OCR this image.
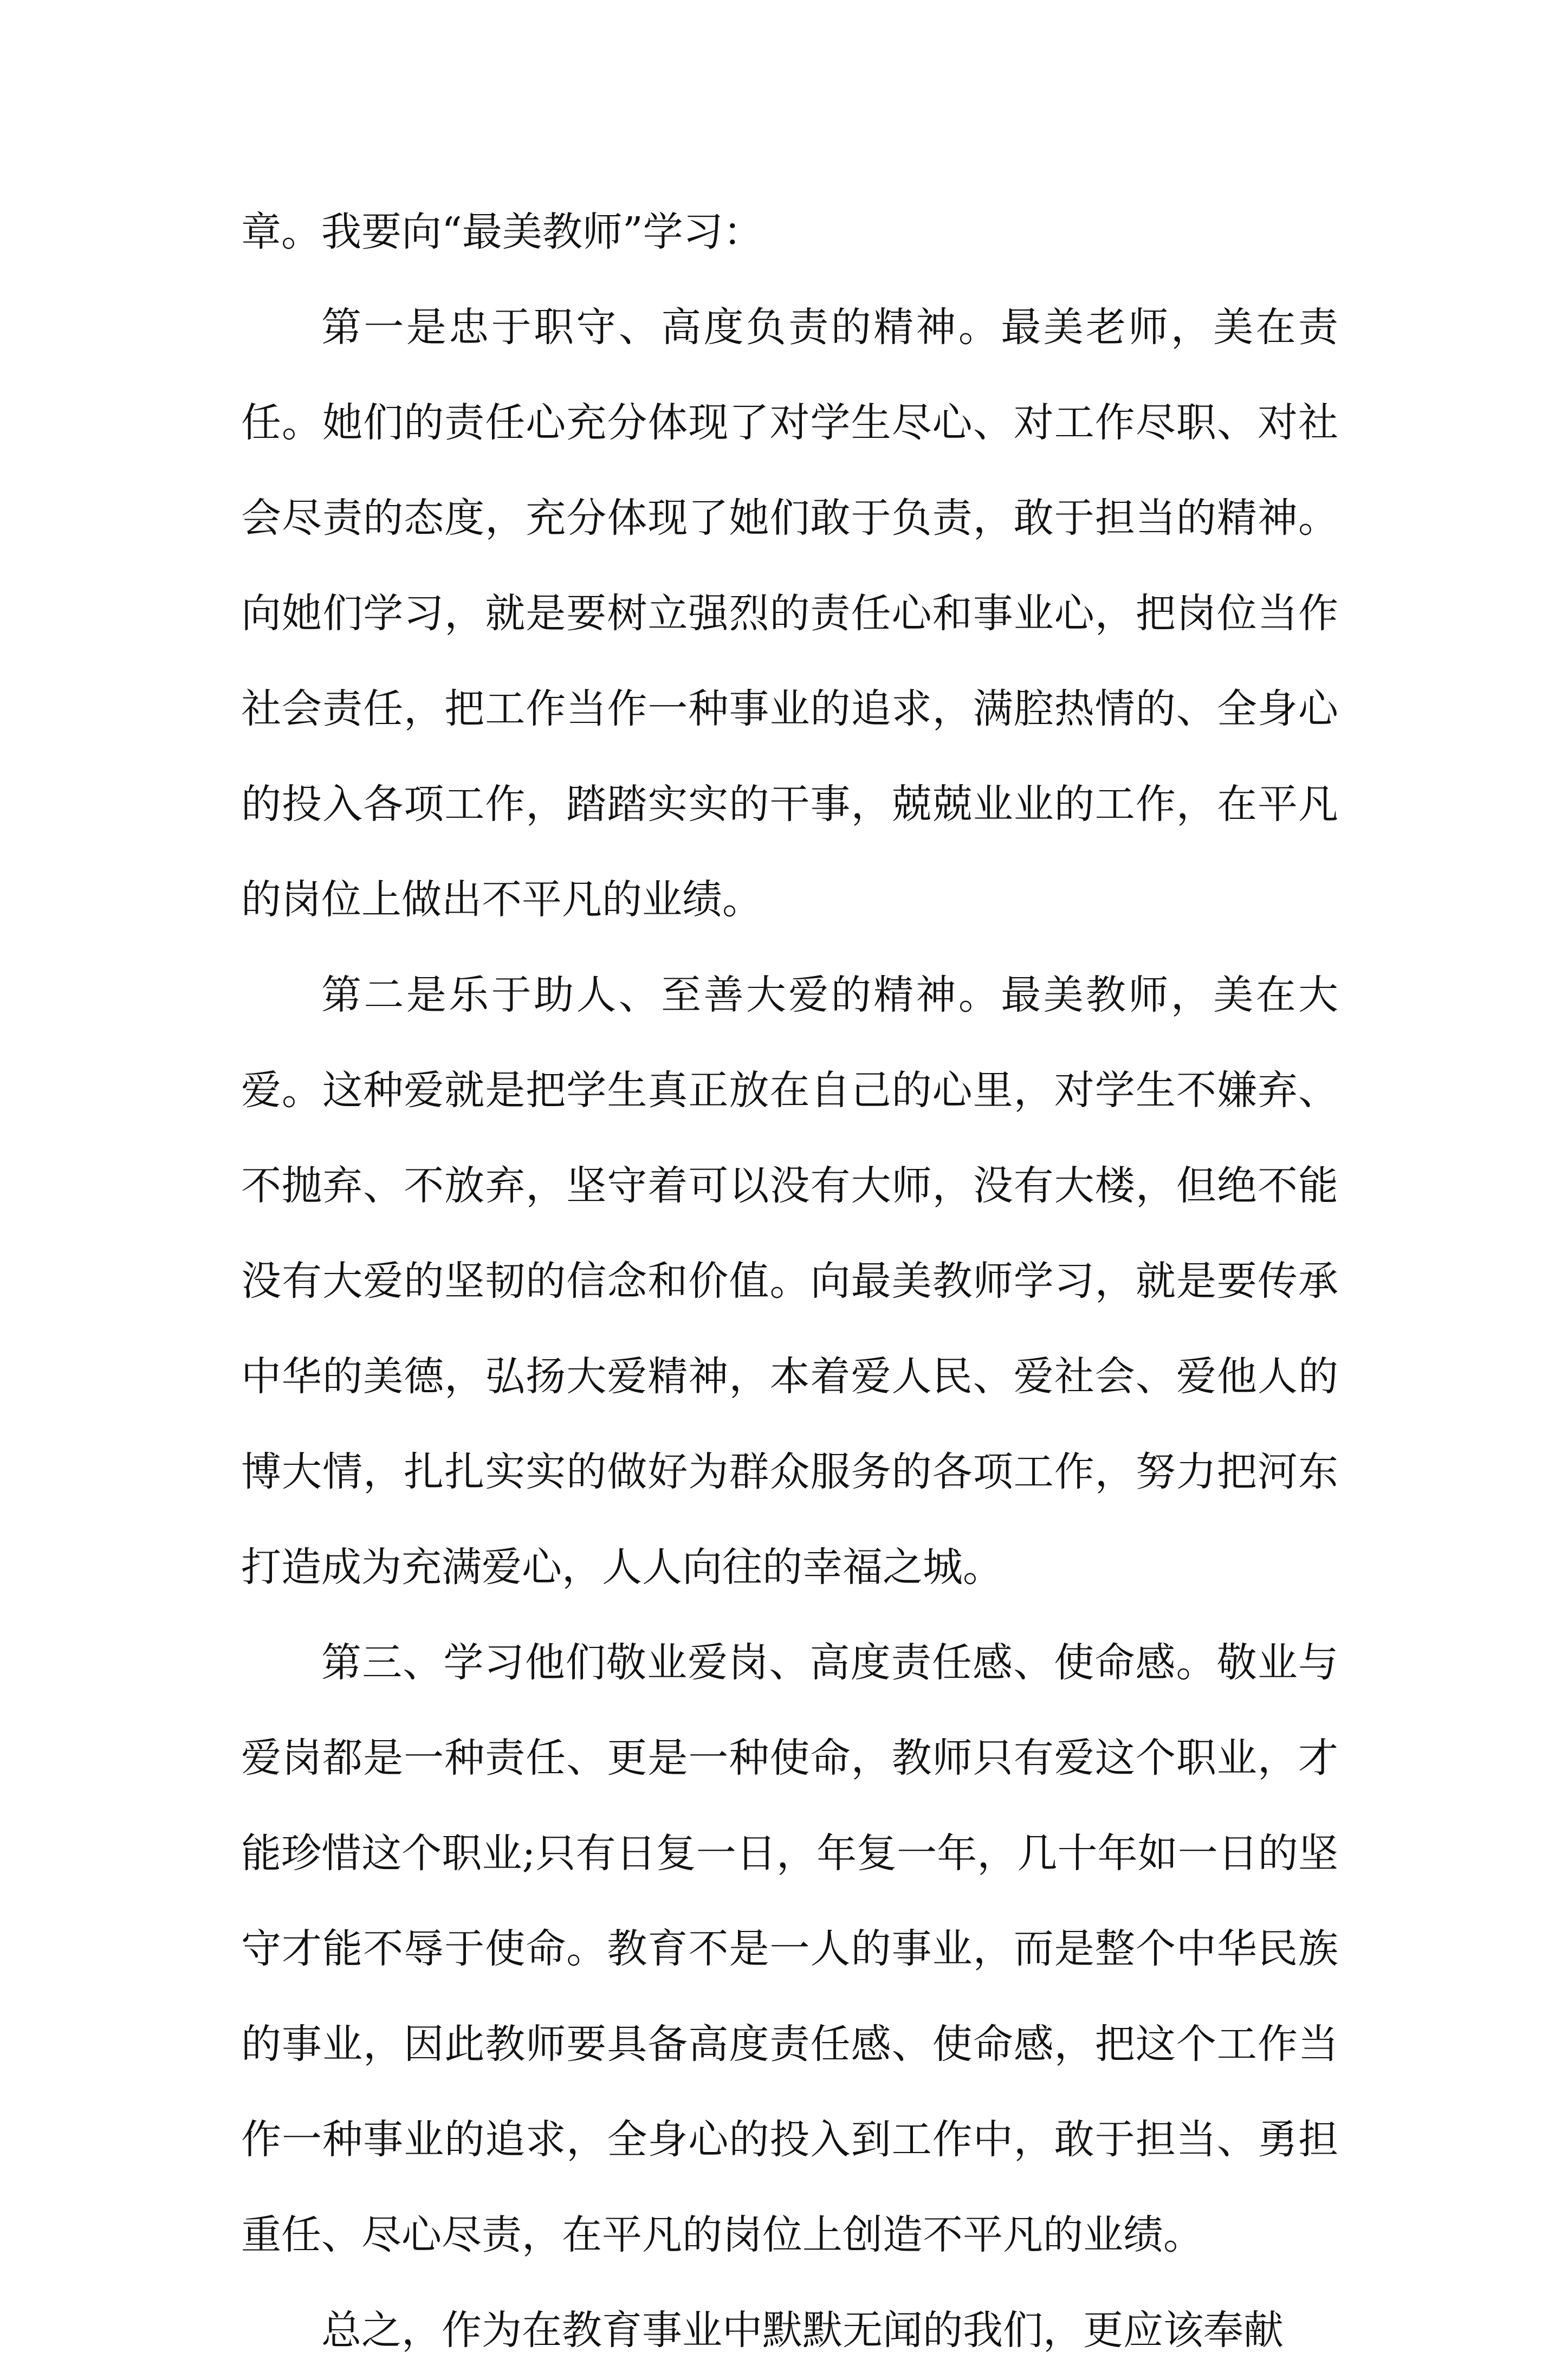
章。我要向“最美教师”学习：

第一是忠于职守、高度负责的精神。最美老师，美在责任。她们的责任心充分体现了对学生尽心、对工作尽职、对社会尽责的态度，充分体现了她们敢于负责，敢于担当的精神。向她们学习，就是要树立强烈的责任心和事业心，把岗位当作社会责任，把工作当作一种事业的追求，满腔热情的、全身心的投入各项工作，踏踏实实的干事，兢兢业业的工作，在平凡的岗位上做出不平凡的业绩。

第二是乐于助人、至善大爱的精神。最美教师，美在大爱。这种爱就是把学生真正放在自己的心里，对学生不嫌弃、不抛弃、不放弃，坚守着可以没有大师，没有大楼，但绝不能没有大爱的坚韧的信念和价值。向最美教师学习，就是要传承中华的美德，弘扬大爱精神，本着爱人民、爱社会、爱他人的博大情，扎扎实实的做好为群众服务的各项工作，努力把河东打造成为充满爱心，人人向往的幸福之城。

第三、学习他们敬业爱岗、高度责任感、使命感。敬业与爱岗都是一种责任、更是一种使命，教师只有爱这个职业，才能珍惜这个职业;只有日复一日，年复一年，几十年如一日的坚守才能不辱于使命。教育不是一人的事业，而是整个中华民族的事业，因此教师要具备高度责任感、使命感，把这个工作当作一种事业的追求，全身心的投入到工作中，敢于担当、勇担重任、尽心尽责，在平凡的岗位上创造不平凡的业绩。

总之，作为在教育事业中默默无闻的我们，更应该奉献
